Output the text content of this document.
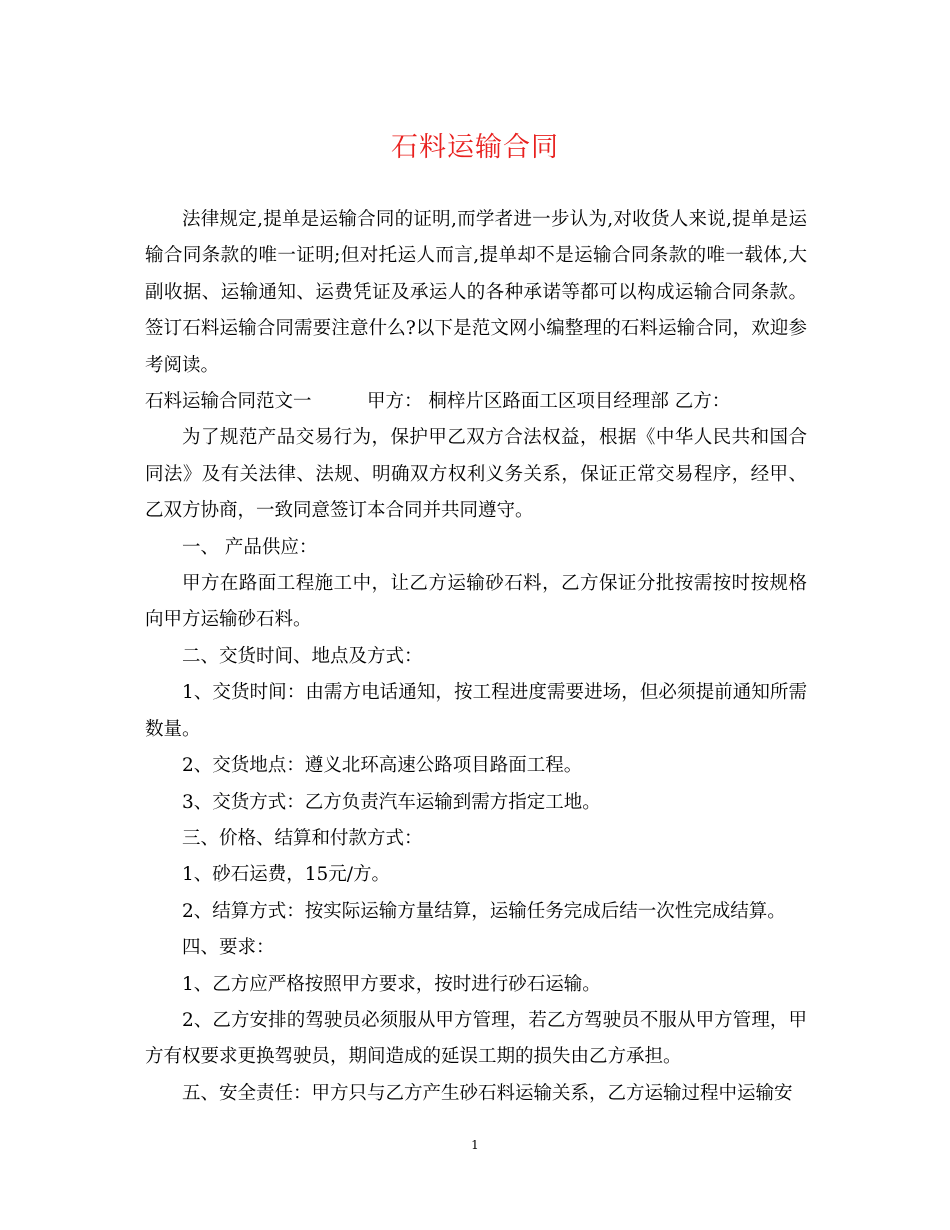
石料运输合同

法律规定,提单是运输合同的证明,而学者进一步认为,对收货人来说,提单是运输合同条款的唯一证明;但对托运人而言,提单却不是运输合同条款的唯一载体,大副收据、运输通知、运费凭证及承运人的各种承诺等都可以构成运输合同条款。签订石料运输合同需要注意什么?以下是范文网小编整理的石料运输合同，欢迎参考阅读。

石料运输合同范文一　　　甲方： 桐梓片区路面工区项目经理部 乙方：

为了规范产品交易行为，保护甲乙双方合法权益，根据《中华人民共和国合同法》及有关法律、法规、明确双方权利义务关系，保证正常交易程序，经甲、乙双方协商，一致同意签订本合同并共同遵守。

一、 产品供应：

甲方在路面工程施工中，让乙方运输砂石料，乙方保证分批按需按时按规格向甲方运输砂石料。

二、交货时间、地点及方式：

1、交货时间：由需方电话通知，按工程进度需要进场，但必须提前通知所需数量。

2、交货地点：遵义北环高速公路项目路面工程。

3、交货方式：乙方负责汽车运输到需方指定工地。

三、价格、结算和付款方式：

1、砂石运费，15元/方。

2、结算方式：按实际运输方量结算，运输任务完成后结一次性完成结算。

四、要求：

1、乙方应严格按照甲方要求，按时进行砂石运输。

2、乙方安排的驾驶员必须服从甲方管理，若乙方驾驶员不服从甲方管理，甲方有权要求更换驾驶员，期间造成的延误工期的损失由乙方承担。

五、安全责任：甲方只与乙方产生砂石料运输关系，乙方运输过程中运输安

1
